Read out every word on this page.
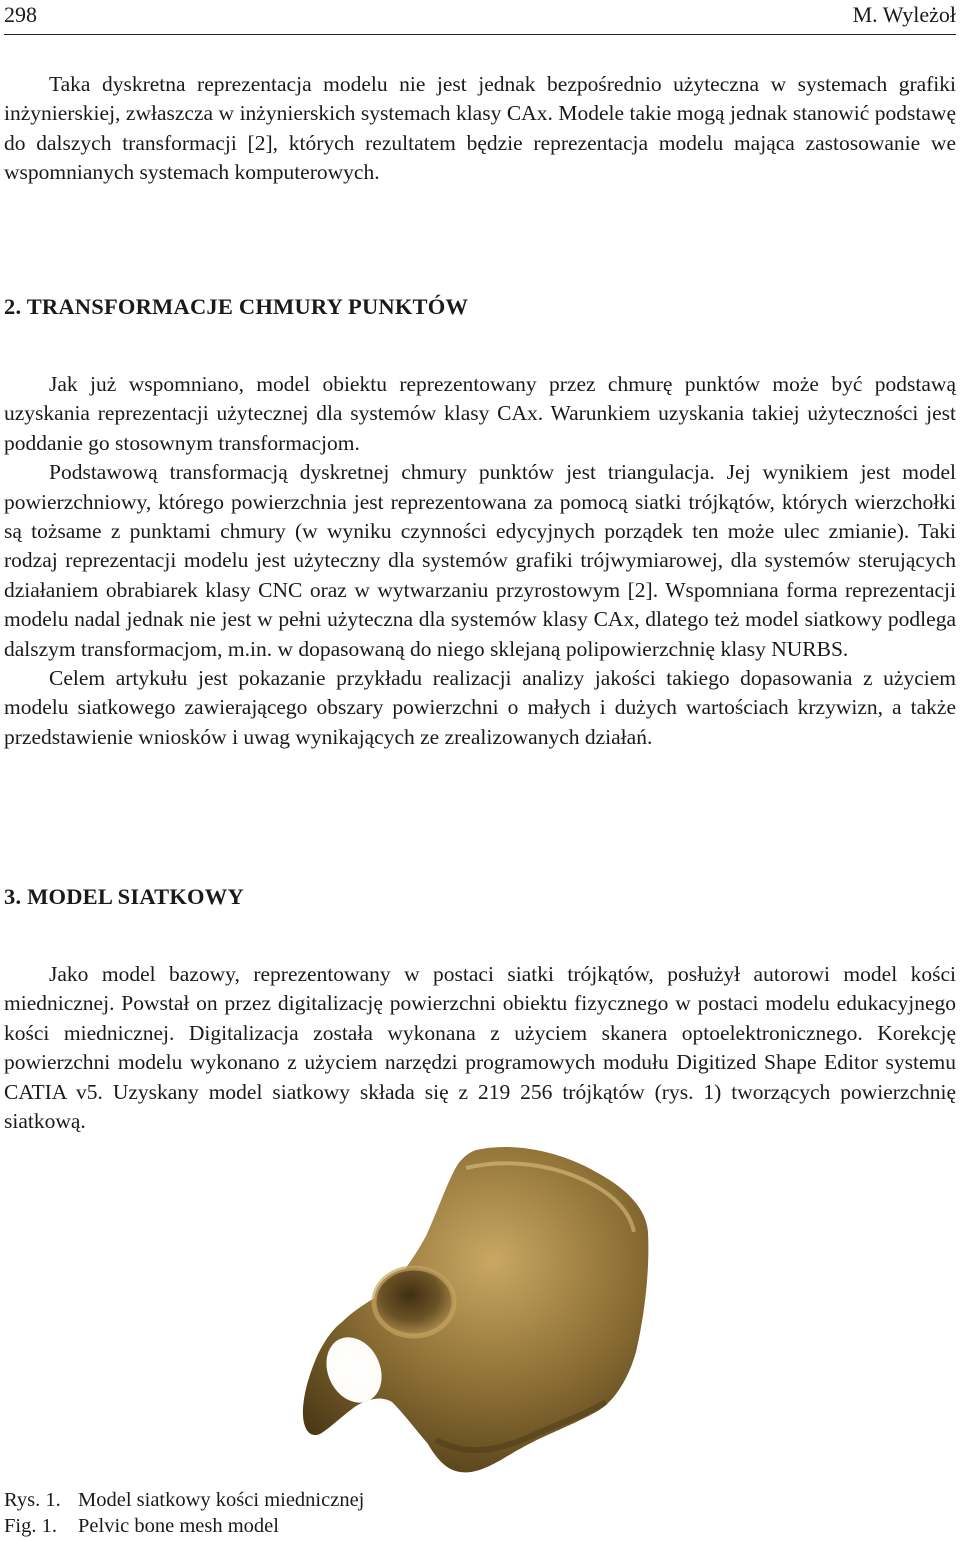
298	M. Wyleżoł

Taka dyskretna reprezentacja modelu nie jest jednak bezpośrednio użyteczna w systemach grafiki inżynierskiej, zwłaszcza w inżynierskich systemach klasy CAx. Modele takie mogą jednak stanowić podstawę do dalszych transformacji [2], których rezultatem będzie reprezentacja modelu mająca zastosowanie we wspomnianych systemach komputerowych.

2. TRANSFORMACJE CHMURY PUNKTÓW

Jak już wspomniano, model obiektu reprezentowany przez chmurę punktów może być podstawą uzyskania reprezentacji użytecznej dla systemów klasy CAx. Warunkiem uzyskania takiej użyteczności jest poddanie go stosownym transformacjom.

Podstawową transformacją dyskretnej chmury punktów jest triangulacja. Jej wynikiem jest model powierzchniowy, którego powierzchnia jest reprezentowana za pomocą siatki trójkątów, których wierzchołki są tożsame z punktami chmury (w wyniku czynności edycyjnych porządek ten może ulec zmianie). Taki rodzaj reprezentacji modelu jest użyteczny dla systemów grafiki trójwymiarowej, dla systemów sterujących działaniem obrabiarek klasy CNC oraz w wytwarzaniu przyrostowym [2]. Wspomniana forma reprezentacji modelu nadal jednak nie jest w pełni użyteczna dla systemów klasy CAx, dlatego też model siatkowy podlega dalszym transformacjom, m.in. w dopasowaną do niego sklejaną polipowierzchnię klasy NURBS.

Celem artykułu jest pokazanie przykładu realizacji analizy jakości takiego dopasowania z użyciem modelu siatkowego zawierającego obszary powierzchni o małych i dużych wartościach krzywizn, a także przedstawienie wniosków i uwag wynikających ze zrealizowanych działań.

3. MODEL SIATKOWY

Jako model bazowy, reprezentowany w postaci siatki trójkątów, posłużył autorowi model kości miednicznej. Powstał on przez digitalizację powierzchni obiektu fizycznego w postaci modelu edukacyjnego kości miednicznej. Digitalizacja została wykonana z użyciem skanera optoelektronicznego. Korekcję powierzchni modelu wykonano z użyciem narzędzi programowych modułu Digitized Shape Editor systemu CATIA v5. Uzyskany model siatkowy składa się z 219 256 trójkątów (rys. 1) tworzących powierzchnię siatkową.

Rys. 1. Model siatkowy kości miednicznej
Fig. 1. Pelvic bone mesh model
